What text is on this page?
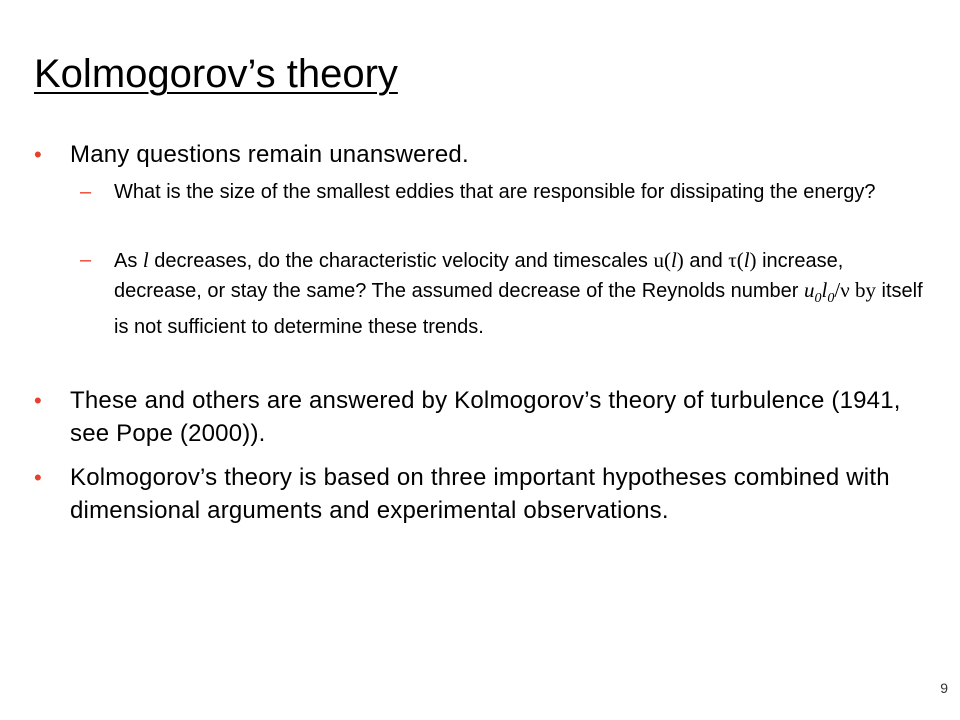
Kolmogorov’s theory
• Many questions remain unanswered.
– What is the size of the smallest eddies that are responsible for dissipating the energy?
– As l decreases, do the characteristic velocity and timescales u(l) and τ(l) increase, decrease, or stay the same? The assumed decrease of the Reynolds number $u_0l_0/\nu$ by itself is not sufficient to determine these trends.
• These and others are answered by Kolmogorov’s theory of turbulence (1941, see Pope (2000)).
• Kolmogorov’s theory is based on three important hypotheses combined with dimensional arguments and experimental observations.
9
